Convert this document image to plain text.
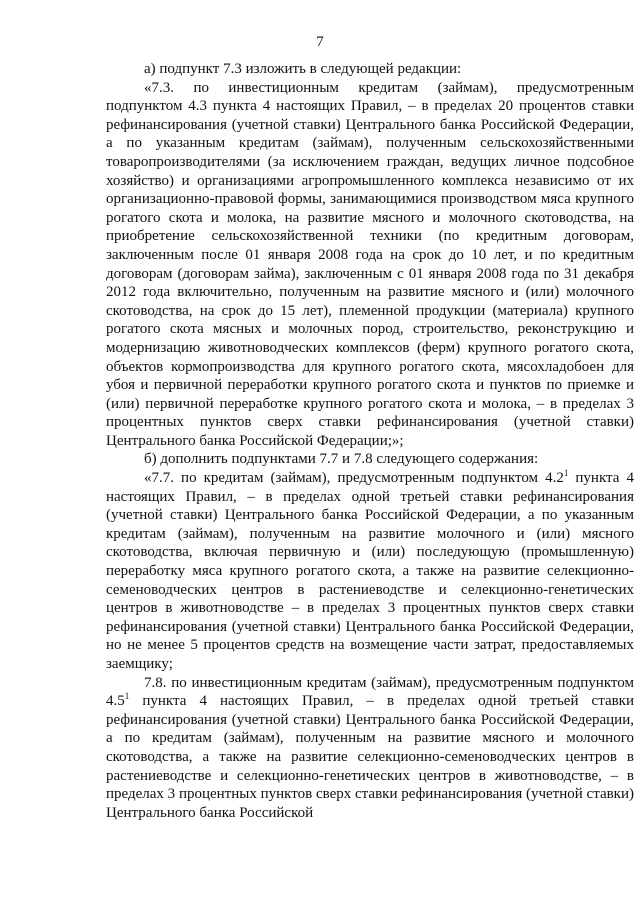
7

а) подпункт 7.3 изложить в следующей редакции:

«7.3. по инвестиционным кредитам (займам), предусмотренным подпунктом 4.3 пункта 4 настоящих Правил, – в пределах 20 процентов ставки рефинансирования (учетной ставки) Центрального банка Российской Федерации, а по указанным кредитам (займам), полученным сельскохозяйственными товаропроизводителями (за исключением граждан, ведущих личное подсобное хозяйство) и организациями агропромышленного комплекса независимо от их организационно-правовой формы, занимающимися производством мяса крупного рогатого скота и молока, на развитие мясного и молочного скотоводства, на приобретение сельскохозяйственной техники (по кредитным договорам, заключенным после 01 января 2008 года на срок до 10 лет, и по кредитным договорам (договорам займа), заключенным с 01 января 2008 года по 31 декабря 2012 года включительно, полученным на развитие мясного и (или) молочного скотоводства, на срок до 15 лет), племенной продукции (материала) крупного рогатого скота мясных и молочных пород, строительство, реконструкцию и модернизацию животноводческих комплексов (ферм) крупного рогатого скота, объектов кормопроизводства для крупного рогатого скота, мясохладобоен для убоя и первичной переработки крупного рогатого скота и пунктов по приемке и (или) первичной переработке крупного рогатого скота и молока, – в пределах 3 процентных пунктов сверх ставки рефинансирования (учетной ставки) Центрального банка Российской Федерации;»;

б) дополнить подпунктами 7.7 и 7.8 следующего содержания:

«7.7. по кредитам (займам), предусмотренным подпунктом $4.2^1$ пункта 4 настоящих Правил, – в пределах одной третьей ставки рефинансирования (учетной ставки) Центрального банка Российской Федерации, а по указанным кредитам (займам), полученным на развитие молочного и (или) мясного скотоводства, включая первичную и (или) последующую (промышленную) переработку мяса крупного рогатого скота, а также на развитие селекционно-семеноводческих центров в растениеводстве и селекционно-генетических центров в животноводстве – в пределах 3 процентных пунктов сверх ставки рефинансирования (учетной ставки) Центрального банка Российской Федерации, но не менее 5 процентов средств на возмещение части затрат, предоставляемых заемщику;

7.8. по инвестиционным кредитам (займам), предусмотренным подпунктом $4.5^1$ пункта 4 настоящих Правил, – в пределах одной третьей ставки рефинансирования (учетной ставки) Центрального банка Российской Федерации, а по кредитам (займам), полученным на развитие мясного и молочного скотоводства, а также на развитие селекционно-семеноводческих центров в растениеводстве и селекционно-генетических центров в животноводстве, – в пределах 3 процентных пунктов сверх ставки рефинансирования (учетной ставки) Центрального банка Российской
